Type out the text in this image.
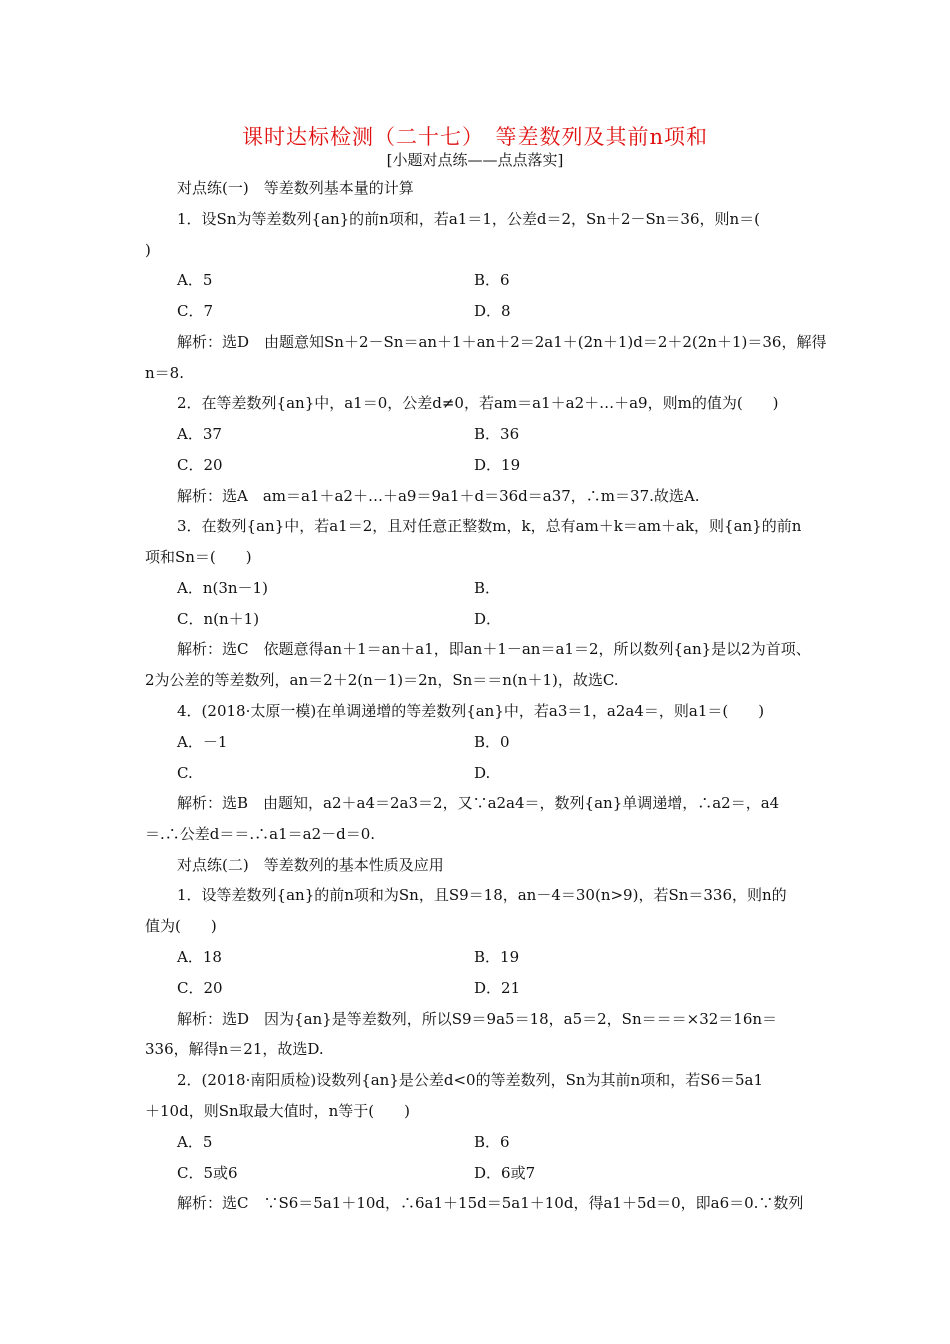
课时达标检测（二十七）　等差数列及其前n项和
[小题对点练——点点落实]
对点练(一)　等差数列基本量的计算
1．设Sn为等差数列{an}的前n项和，若a1＝1，公差d＝2，Sn＋2－Sn＝36，则n＝(
)
A．5	B．6
C．7	D．8
解析：选D　由题意知Sn＋2－Sn＝an＋1＋an＋2＝2a1＋(2n＋1)d＝2＋2(2n＋1)＝36，解得
n＝8.
2．在等差数列{an}中，a1＝0，公差d≠0，若am＝a1＋a2＋…＋a9，则m的值为(　　)
A．37	B．36
C．20	D．19
解析：选A　am＝a1＋a2＋…＋a9＝9a1＋d＝36d＝a37，∴m＝37.故选A.
3．在数列{an}中，若a1＝2，且对任意正整数m，k，总有am＋k＝am＋ak，则{an}的前n
项和Sn＝(　　)
A．n(3n－1)	B．
C．n(n＋1)	D．
解析：选C　依题意得an＋1＝an＋a1，即an＋1－an＝a1＝2，所以数列{an}是以2为首项、
2为公差的等差数列，an＝2＋2(n－1)＝2n，Sn＝＝n(n＋1)，故选C.
4．(2018·太原一模)在单调递增的等差数列{an}中，若a3＝1，a2a4＝，则a1＝(　　)
A．－1	B．0
C.	D.
解析：选B　由题知，a2＋a4＝2a3＝2，又∵a2a4＝，数列{an}单调递增，∴a2＝，a4
＝.∴公差d＝＝.∴a1＝a2－d＝0.
对点练(二)　等差数列的基本性质及应用
1．设等差数列{an}的前n项和为Sn，且S9＝18，an－4＝30(n>9)，若Sn＝336，则n的
值为(　　)
A．18	B．19
C．20	D．21
解析：选D　因为{an}是等差数列，所以S9＝9a5＝18，a5＝2，Sn＝＝＝×32＝16n＝
336，解得n＝21，故选D.
2．(2018·南阳质检)设数列{an}是公差d<0的等差数列，Sn为其前n项和，若S6＝5a1
＋10d，则Sn取最大值时，n等于(　　)
A．5	B．6
C．5或6	D．6或7
解析：选C　∵S6＝5a1＋10d，∴6a1＋15d＝5a1＋10d，得a1＋5d＝0，即a6＝0.∵数列
